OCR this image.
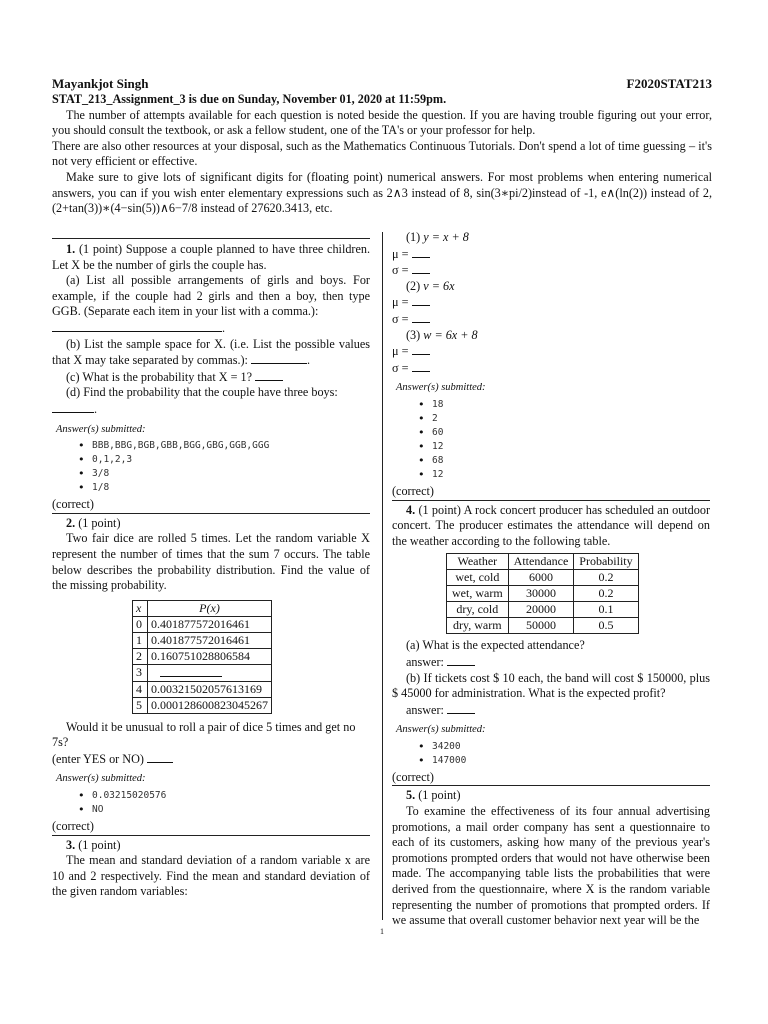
Mayankjot Singh	F2020STAT213

STAT_213_Assignment_3 is due on Sunday, November 01, 2020 at 11:59pm.

The number of attempts available for each question is noted beside the question. If you are having trouble figuring out your error, you should consult the textbook, or ask a fellow student, one of the TA's or your professor for help.

There are also other resources at your disposal, such as the Mathematics Continuous Tutorials. Don't spend a lot of time guessing – it's not very efficient or effective.

Make sure to give lots of significant digits for (floating point) numerical answers. For most problems when entering numerical answers, you can if you wish enter elementary expressions such as 2∧3 instead of 8, sin(3∗pi/2)instead of -1, e∧(ln(2)) instead of 2, (2+tan(3))∗(4−sin(5))∧6−7/8 instead of 27620.3413, etc.

1. (1 point) Suppose a couple planned to have three children. Let X be the number of girls the couple has.

(a) List all possible arrangements of girls and boys. For example, if the couple had 2 girls and then a boy, then type GGB. (Separate each item in your list with a comma.):
.

(b) List the sample space for X. (i.e. List the possible values that X may take separated by commas.):	.

(c) What is the probability that X = 1?

(d) Find the probability that the couple have three boys:
.

Answer(s) submitted:
• BBB,BBG,BGB,GBB,BGG,GBG,GGB,GGG
• 0,1,2,3
• 3/8
• 1/8

(correct)

2. (1 point)

Two fair dice are rolled 5 times. Let the random variable X represent the number of times that the sum 7 occurs. The table below describes the probability distribution. Find the value of the missing probability.

x	P(x)
0	0.401877572016461
1	0.401877572016461
2	0.160751028806584
3	
4	0.00321502057613169
5	0.000128600823045267

Would it be unusual to roll a pair of dice 5 times and get no 7s?

(enter YES or NO)

Answer(s) submitted:
• 0.03215020576
• NO

(correct)

3. (1 point)

The mean and standard deviation of a random variable x are 10 and 2 respectively. Find the mean and standard deviation of the given random variables:

(1) y = x + 8

μ =

σ =

(2) v = 6x

μ =

σ =

(3) w = 6x + 8

μ =

σ =

Answer(s) submitted:
• 18
• 2
• 60
• 12
• 68
• 12

(correct)

4. (1 point) A rock concert producer has scheduled an outdoor concert. The producer estimates the attendance will depend on the weather according to the following table.

Weather	Attendance	Probability
wet, cold	6000	0.2
wet, warm	30000	0.2
dry, cold	20000	0.1
dry, warm	50000	0.5

(a) What is the expected attendance?

answer:

(b) If tickets cost $ 10 each, the band will cost $ 150000, plus $ 45000 for administration. What is the expected profit?

answer:

Answer(s) submitted:
• 34200
• 147000

(correct)

5. (1 point)

To examine the effectiveness of its four annual advertising promotions, a mail order company has sent a questionnaire to each of its customers, asking how many of the previous year's promotions prompted orders that would not have otherwise been made. The accompanying table lists the probabilities that were derived from the questionnaire, where X is the random variable representing the number of promotions that prompted orders. If we assume that overall customer behavior next year will be the

1
